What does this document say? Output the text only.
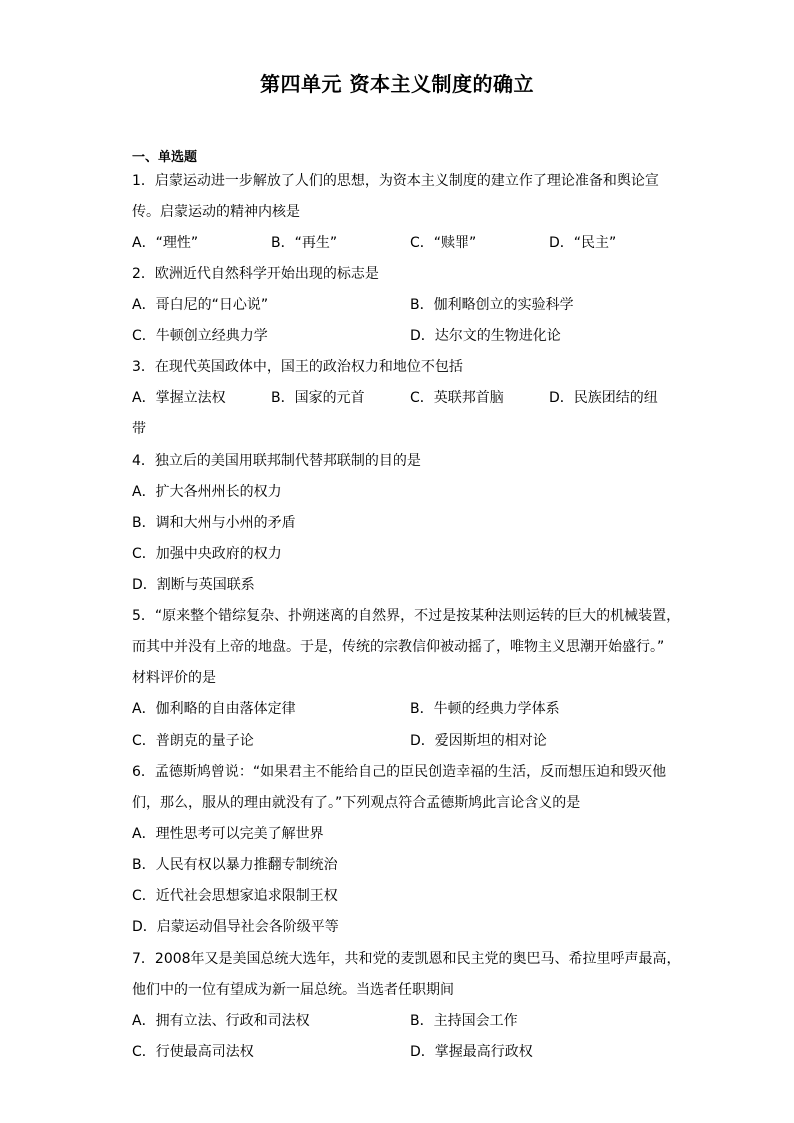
第四单元 资本主义制度的确立
一、单选题
1．启蒙运动进一步解放了人们的思想，为资本主义制度的建立作了理论准备和舆论宣
传。启蒙运动的精神内核是
A．“理性”	B．“再生”	C．“赎罪”	D．“民主”
2．欧洲近代自然科学开始出现的标志是
A．哥白尼的“日心说”	B．伽利略创立的实验科学
C．牛顿创立经典力学	D．达尔文的生物进化论
3．在现代英国政体中，国王的政治权力和地位不包括
A．掌握立法权	B．国家的元首	C．英联邦首脑	D．民族团结的纽
带
4．独立后的美国用联邦制代替邦联制的目的是
A．扩大各州州长的权力
B．调和大州与小州的矛盾
C．加强中央政府的权力
D．割断与英国联系
5．“原来整个错综复杂、扑朔迷离的自然界，不过是按某种法则运转的巨大的机械装置，
而其中并没有上帝的地盘。于是，传统的宗教信仰被动摇了，唯物主义思潮开始盛行。”
材料评价的是
A．伽利略的自由落体定律	B．牛顿的经典力学体系
C．普朗克的量子论	D．爱因斯坦的相对论
6．孟德斯鸠曾说：“如果君主不能给自己的臣民创造幸福的生活，反而想压迫和毁灭他
们，那么，服从的理由就没有了。”下列观点符合孟德斯鸠此言论含义的是
A．理性思考可以完美了解世界
B．人民有权以暴力推翻专制统治
C．近代社会思想家追求限制王权
D．启蒙运动倡导社会各阶级平等
7．2008年又是美国总统大选年，共和党的麦凯恩和民主党的奥巴马、希拉里呼声最高，
他们中的一位有望成为新一届总统。当选者任职期间
A．拥有立法、行政和司法权	B．主持国会工作
C．行使最高司法权	D．掌握最高行政权
